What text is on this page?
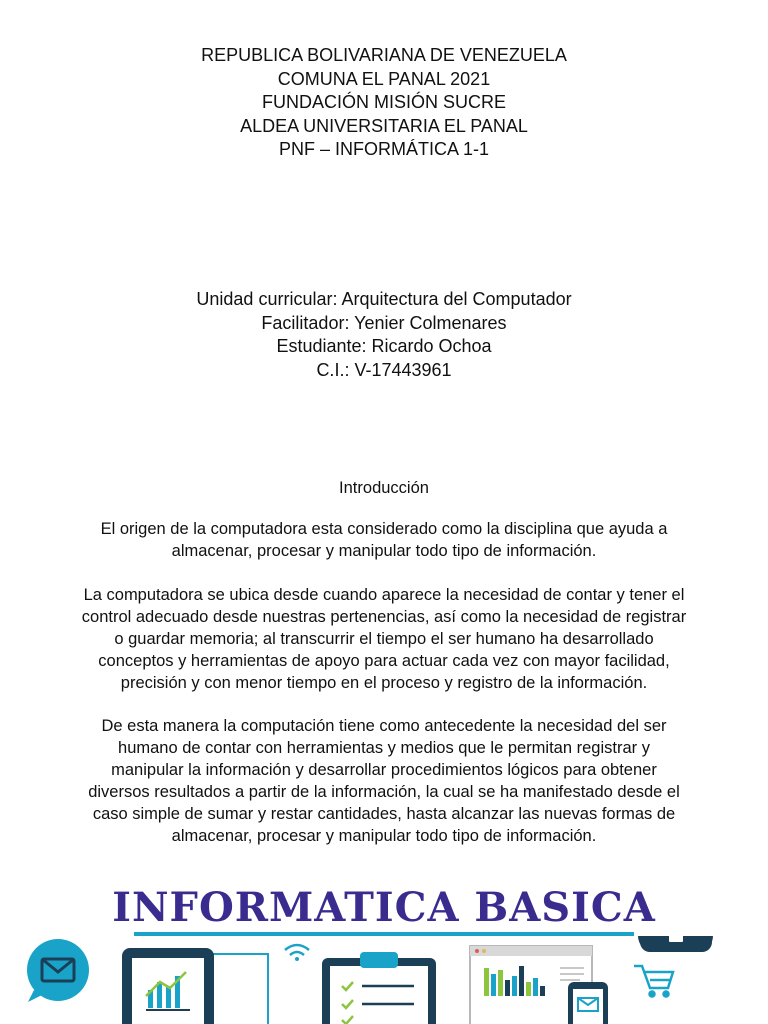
REPUBLICA BOLIVARIANA DE VENEZUELA
COMUNA EL PANAL 2021
FUNDACIÓN MISIÓN SUCRE
ALDEA UNIVERSITARIA EL PANAL
PNF – INFORMÁTICA 1-1
Unidad curricular: Arquitectura del Computador
Facilitador: Yenier Colmenares
Estudiante: Ricardo Ochoa
C.I.: V-17443961
Introducción
El origen de la computadora esta considerado como la disciplina que ayuda a
almacenar, procesar y manipular todo tipo de información.
La computadora se ubica desde cuando aparece la necesidad de contar y tener el
control adecuado desde nuestras pertenencias, así como la necesidad de registrar
o guardar memoria; al transcurrir el tiempo el ser humano ha desarrollado
conceptos y herramientas de apoyo para actuar cada vez con mayor facilidad,
precisión y con menor tiempo en el proceso y registro de la información.
De esta manera la computación tiene como antecedente la necesidad del ser
humano de contar con herramientas y medios que le permitan registrar y
manipular la información y desarrollar procedimientos lógicos para obtener
diversos resultados a partir de la información, la cual se ha manifestado desde el
caso simple de sumar y restar cantidades, hasta alcanzar las nuevas formas de
almacenar, procesar y manipular todo tipo de información.
INFORMATICA BASICA
